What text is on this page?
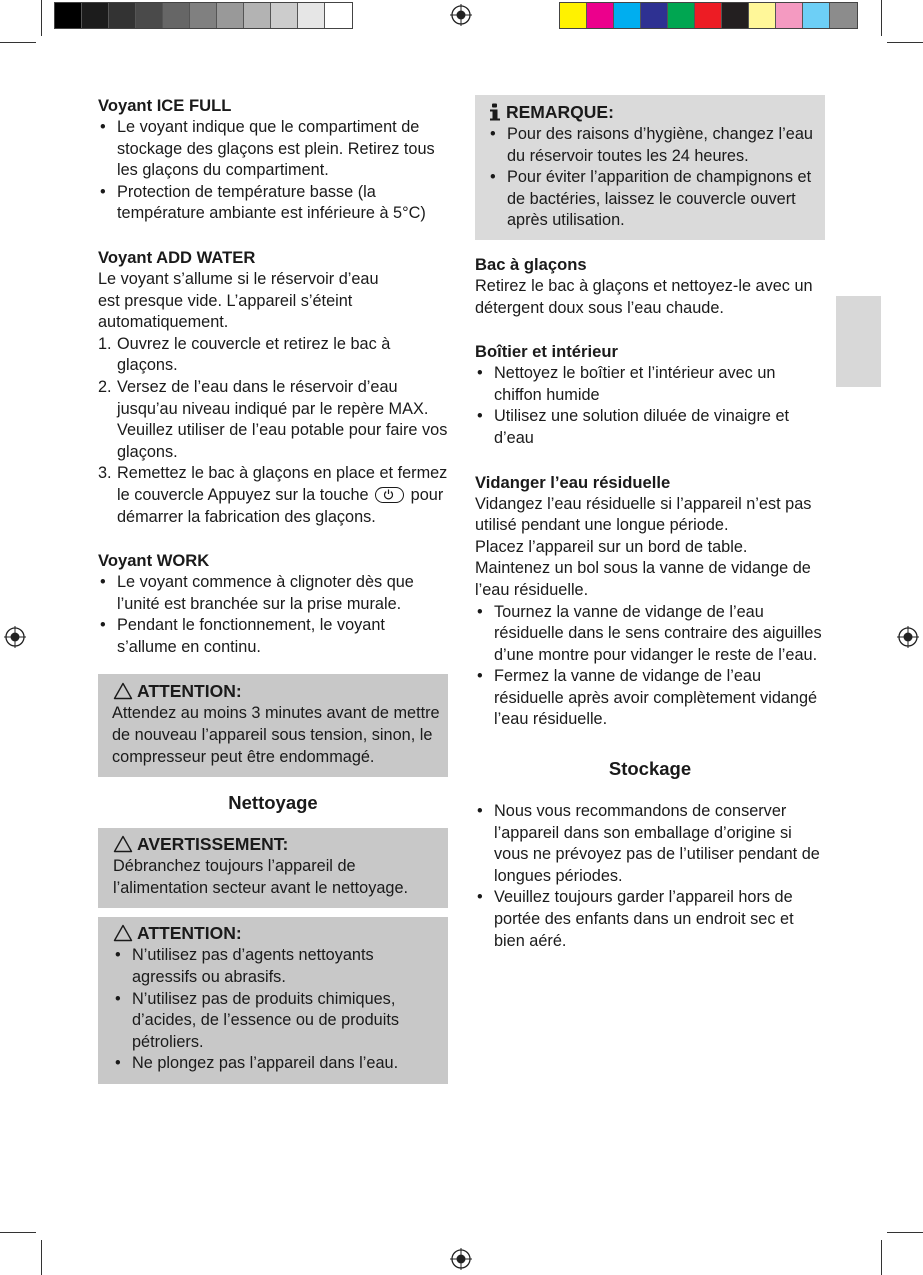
Voyant ICE FULL
• Le voyant indique que le compartiment de stockage des glaçons est plein. Retirez tous les glaçons du compartiment.
• Protection de température basse (la température ambiante est inférieure à 5°C)
Voyant ADD WATER

Le voyant s’allume si le réservoir d’eau est presque vide. L’appareil s’éteint automatiquement.

1. Ouvrez le couvercle et retirez le bac à glaçons.
2. Versez de l’eau dans le réservoir d’eau jusqu’au niveau indiqué par le repère MAX. Veuillez utiliser de l’eau potable pour faire vos glaçons.
3. Remettez le bac à glaçons en place et fermez le couvercle Appuyez sur la touche	pour démarrer la fabrication des glaçons.
Voyant WORK
• Le voyant commence à clignoter dès que l’unité est branchée sur la prise murale.
• Pendant le fonctionnement, le voyant s’allume en continu.
ATTENTION:

Attendez au moins 3 minutes avant de mettre de nouveau l’appareil sous tension, sinon, le compresseur peut être endommagé.

Nettoyage
AVERTISSEMENT:

Débranchez toujours l’appareil de l’alimentation secteur avant le nettoyage.

ATTENTION:
• N’utilisez pas d’agents nettoyants agressifs ou abrasifs.
• N’utilisez pas de produits chimiques, d’acides, de l’essence ou de produits pétroliers.
• Ne plongez pas l’appareil dans l’eau.
REMARQUE:
• Pour des raisons d’hygiène, changez l’eau du réservoir toutes les 24 heures.
• Pour éviter l’apparition de champignons et de bactéries, laissez le couvercle ouvert après utilisation.
Bac à glaçons

Retirez le bac à glaçons et nettoyez-le avec un détergent doux sous l’eau chaude.

Boîtier et intérieur
• Nettoyez le boîtier et l’intérieur avec un chiffon humide
• Utilisez une solution diluée de vinaigre et d’eau
Vidanger l’eau résiduelle

Vidangez l’eau résiduelle si l’appareil n’est pas utilisé pendant une longue période.

Placez l’appareil sur un bord de table.

Maintenez un bol sous la vanne de vidange de l’eau résiduelle.

• Tournez la vanne de vidange de l’eau résiduelle dans le sens contraire des aiguilles d’une montre pour vidanger le reste de l’eau.
• Fermez la vanne de vidange de l’eau résiduelle après avoir complètement vidangé l’eau résiduelle.
Stockage
• Nous vous recommandons de conserver l’appareil dans son emballage d’origine si vous ne prévoyez pas de l’utiliser pendant de longues périodes.
• Veuillez toujours garder l’appareil hors de portée des enfants dans un endroit sec et bien aéré.
